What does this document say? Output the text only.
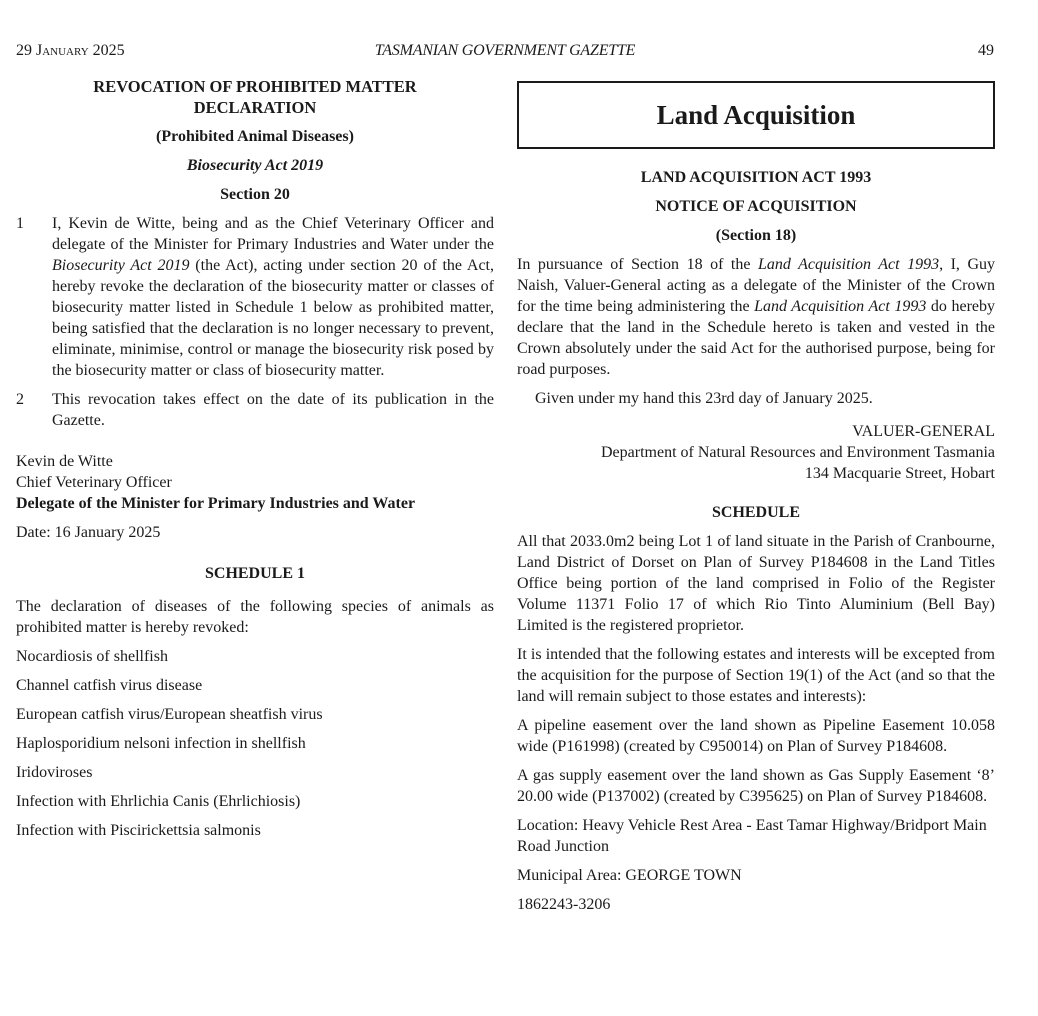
29 January 2025	TASMANIAN GOVERNMENT GAZETTE	49
REVOCATION OF PROHIBITED MATTER DECLARATION
(Prohibited Animal Diseases)
Biosecurity Act 2019
Section 20
1	I, Kevin de Witte, being and as the Chief Veterinary Officer and delegate of the Minister for Primary Industries and Water under the Biosecurity Act 2019 (the Act), acting under section 20 of the Act, hereby revoke the declaration of the biosecurity matter or classes of biosecurity matter listed in Schedule 1 below as prohibited matter, being satisfied that the declaration is no longer necessary to prevent, eliminate, minimise, control or manage the biosecurity risk posed by the biosecurity matter or class of biosecurity matter.
2	This revocation takes effect on the date of its publication in the Gazette.

Kevin de Witte

Chief Veterinary Officer

Delegate of the Minister for Primary Industries and Water

Date: 16 January 2025

SCHEDULE 1

The declaration of diseases of the following species of animals as prohibited matter is hereby revoked:

Nocardiosis of shellfish

Channel catfish virus disease

European catfish virus/European sheatfish virus

Haplosporidium nelsoni infection in shellfish

Iridoviroses

Infection with Ehrlichia Canis (Ehrlichiosis)

Infection with Piscirickettsia salmonis

Land Acquisition
LAND ACQUISITION ACT 1993
NOTICE OF ACQUISITION
(Section 18)

In pursuance of Section 18 of the Land Acquisition Act 1993, I, Guy Naish, Valuer-General acting as a delegate of the Minister of the Crown for the time being administering the Land Acquisition Act 1993 do hereby declare that the land in the Schedule hereto is taken and vested in the Crown absolutely under the said Act for the authorised purpose, being for road purposes.

Given under my hand this 23rd day of January 2025.

VALUER-GENERAL

Department of Natural Resources and Environment Tasmania

134 Macquarie Street, Hobart

SCHEDULE

All that 2033.0m2 being Lot 1 of land situate in the Parish of Cranbourne, Land District of Dorset on Plan of Survey P184608 in the Land Titles Office being portion of the land comprised in Folio of the Register Volume 11371 Folio 17 of which Rio Tinto Aluminium (Bell Bay) Limited is the registered proprietor.

It is intended that the following estates and interests will be excepted from the acquisition for the purpose of Section 19(1) of the Act (and so that the land will remain subject to those estates and interests):

A pipeline easement over the land shown as Pipeline Easement 10.058 wide (P161998) (created by C950014) on Plan of Survey P184608.

A gas supply easement over the land shown as Gas Supply Easement ‘8’ 20.00 wide (P137002) (created by C395625) on Plan of Survey P184608.

Location: Heavy Vehicle Rest Area - East Tamar Highway/Bridport Main Road Junction

Municipal Area: GEORGE TOWN

1862243-3206
